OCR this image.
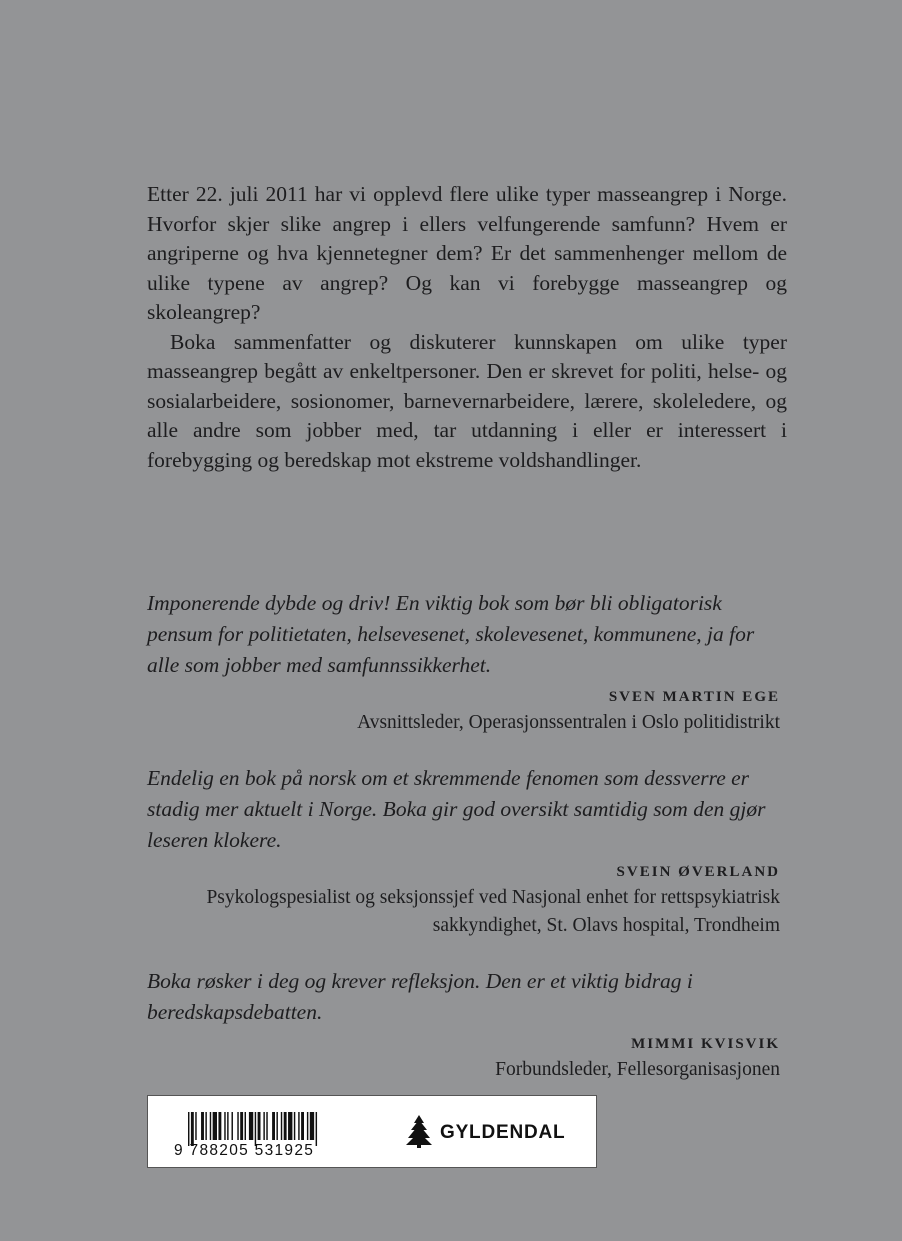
Etter 22. juli 2011 har vi opplevd flere ulike typer masseangrep i Norge. Hvorfor skjer slike angrep i ellers velfungerende samfunn? Hvem er angriperne og hva kjennetegner dem? Er det sammenhenger mellom de ulike typene av angrep? Og kan vi forebygge masseangrep og skoleangrep?

Boka sammenfatter og diskuterer kunnskapen om ulike typer masseangrep begått av enkeltpersoner. Den er skrevet for politi, helse- og sosialarbeidere, sosionomer, barnevernarbeidere, lærere, skoleledere, og alle andre som jobber med, tar utdanning i eller er interessert i forebygging og beredskap mot ekstreme voldshandlinger.

Imponerende dybde og driv! En viktig bok som bør bli obligatorisk pensum for politietaten, helsevesenet, skolevesenet, kommunene, ja for alle som jobber med samfunnssikkerhet.

SVEN MARTIN EGE
Avsnittsleder, Operasjonssentralen i Oslo politidistrikt

Endelig en bok på norsk om et skremmende fenomen som dessverre er stadig mer aktuelt i Norge. Boka gir god oversikt samtidig som den gjør leseren klokere.

SVEIN ØVERLAND
Psykologspesialist og seksjonssjef ved Nasjonal enhet for rettspsykiatrisk sakkyndighet, St. Olavs hospital, Trondheim

Boka røsker i deg og krever refleksjon. Den er et viktig bidrag i beredskapsdebatten.

MIMMI KVISVIK
Forbundsleder, Fellesorganisasjonen
9 788205 531925
GYLDENDAL
